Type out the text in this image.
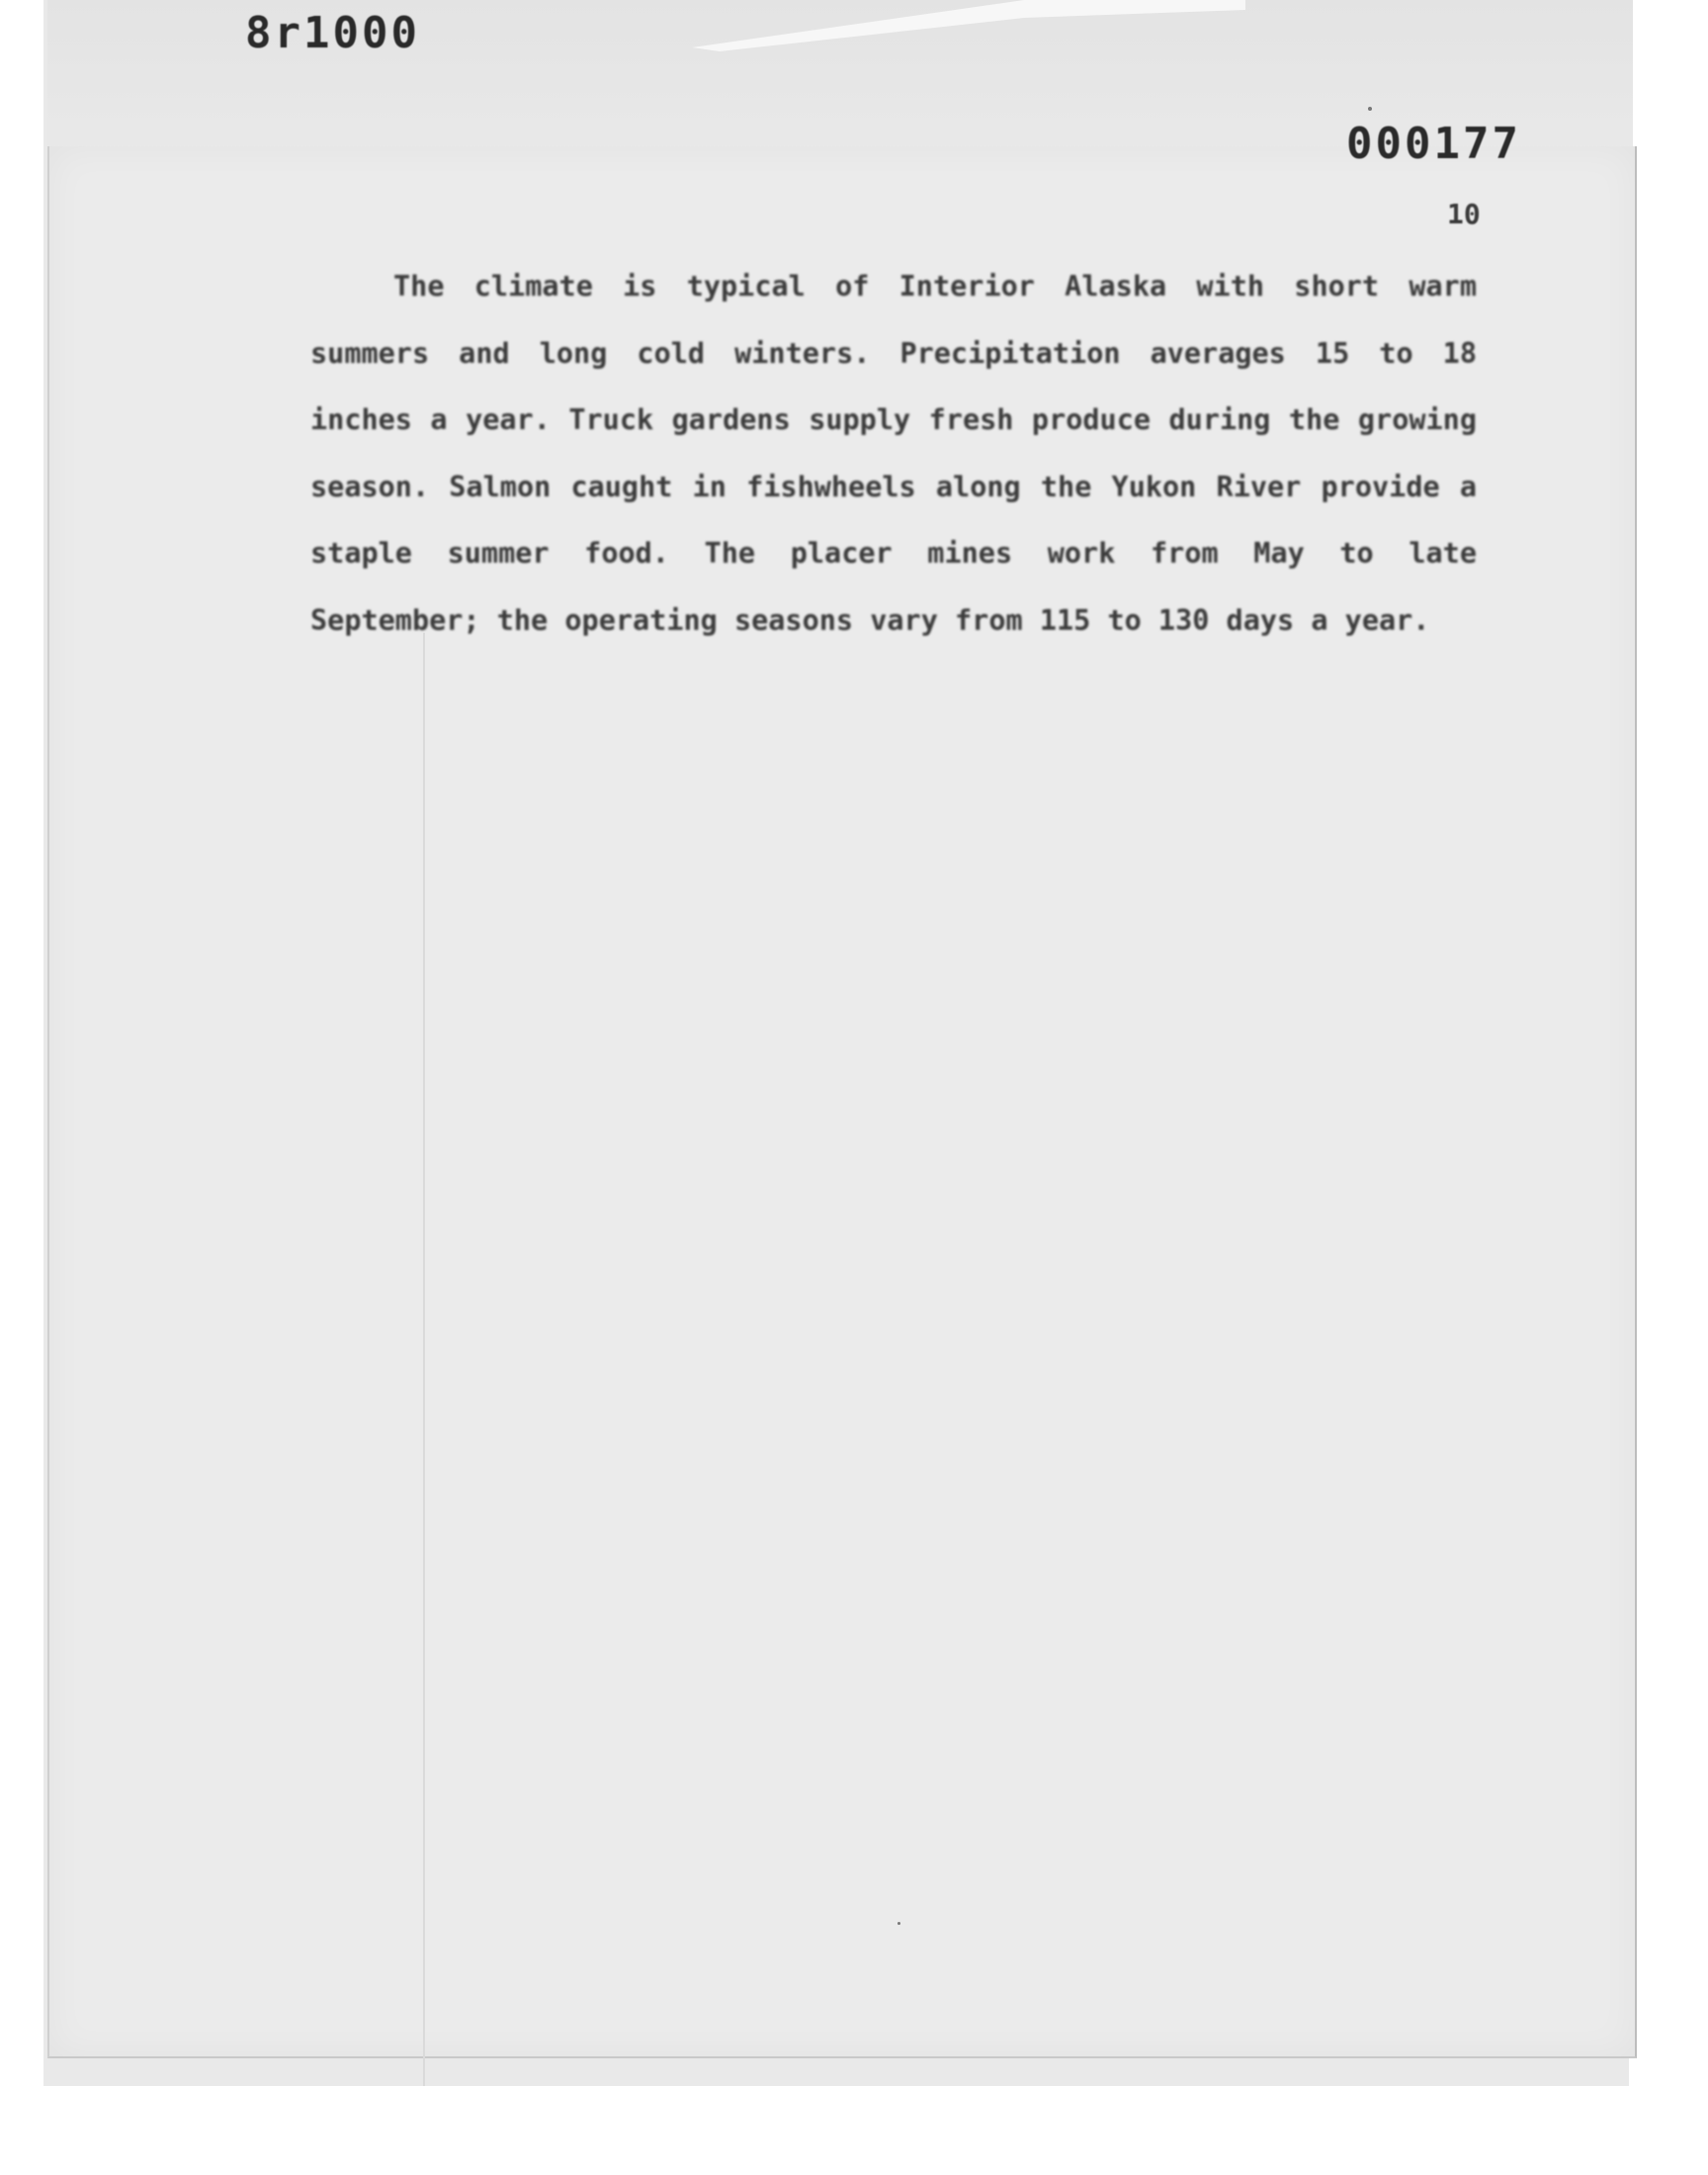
8r1000
000177
10

The climate is typical of Interior Alaska with short warm summers and long cold winters. Precipitation averages 15 to 18 inches a year. Truck gardens supply fresh produce during the growing season. Salmon caught in fishwheels along the Yukon River provide a staple summer food. The placer mines work from May to late September; the operating seasons vary from 115 to 130 days a year.
